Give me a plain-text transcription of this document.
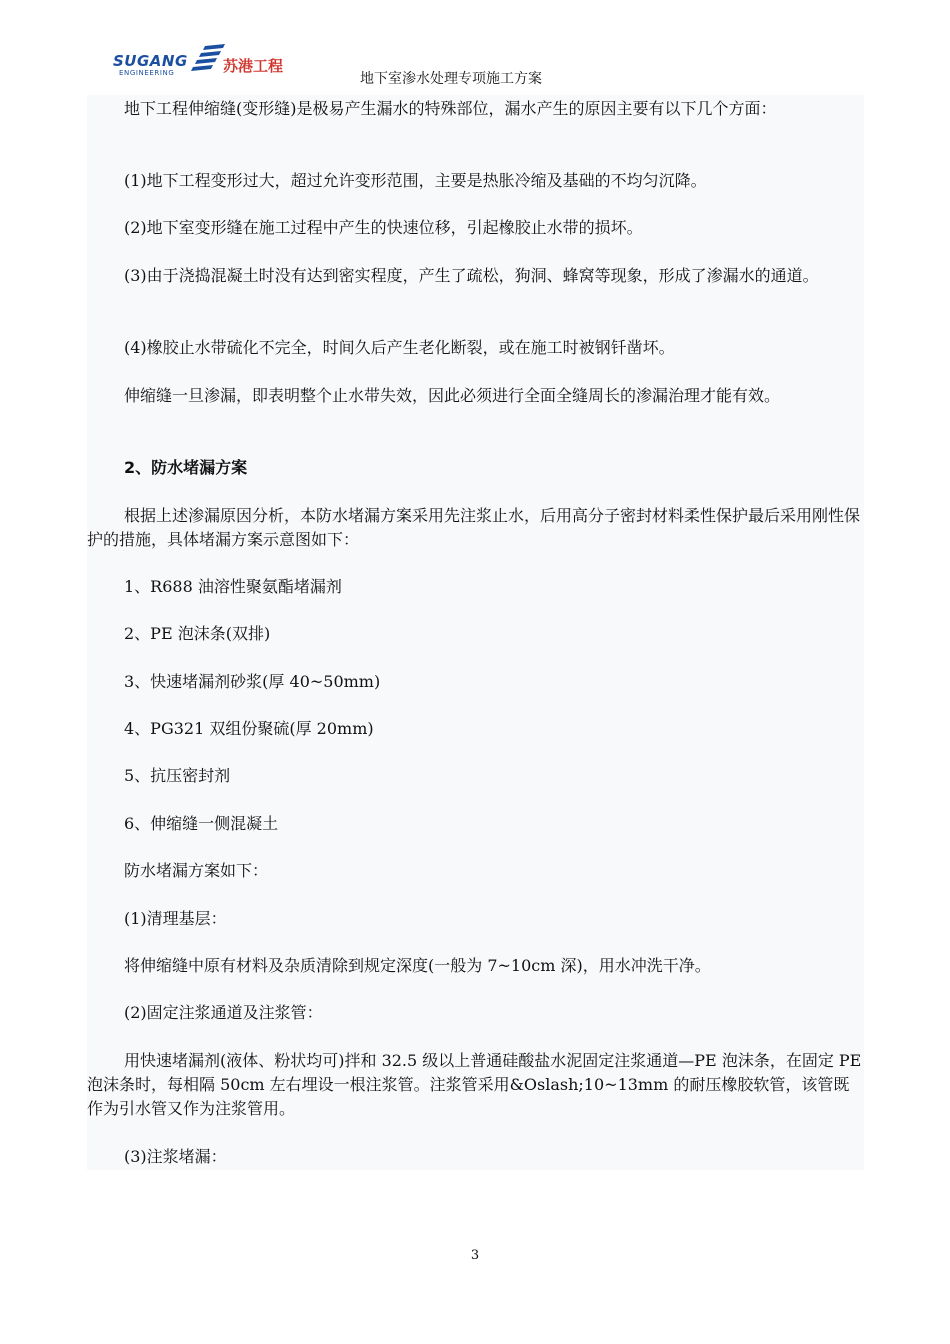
SUGANG
ENGINEERING	苏港工程
地下室渗水处理专项施工方案

地下工程伸缩缝(变形缝)是极易产生漏水的特殊部位，漏水产生的原因主要有以下几个方面：

(1)地下工程变形过大，超过允许变形范围，主要是热胀冷缩及基础的不均匀沉降。

(2)地下室变形缝在施工过程中产生的快速位移，引起橡胶止水带的损坏。

(3)由于浇捣混凝土时没有达到密实程度，产生了疏松，狗洞、蜂窝等现象，形成了渗漏水的通道。

(4)橡胶止水带硫化不完全，时间久后产生老化断裂，或在施工时被钢钎凿坏。

伸缩缝一旦渗漏，即表明整个止水带失效，因此必须进行全面全缝周长的渗漏治理才能有效。

2、防水堵漏方案

根据上述渗漏原因分析，本防水堵漏方案采用先注浆止水，后用高分子密封材料柔性保护最后采用刚性保护的措施，具体堵漏方案示意图如下：

1、R688 油溶性聚氨酯堵漏剂

2、PE 泡沫条(双排)

3、快速堵漏剂砂浆(厚 40~50mm)

4、PG321 双组份聚硫(厚 20mm)

5、抗压密封剂

6、伸缩缝一侧混凝土

防水堵漏方案如下：

(1)清理基层：

将伸缩缝中原有材料及杂质清除到规定深度(一般为 7~10cm 深)，用水冲洗干净。

(2)固定注浆通道及注浆管：

用快速堵漏剂(液体、粉状均可)拌和 32.5 级以上普通硅酸盐水泥固定注浆通道—PE 泡沫条，在固定 PE 泡沫条时，每相隔 50cm 左右埋设一根注浆管。注浆管采用&Oslash;10~13mm 的耐压橡胶软管，该管既作为引水管又作为注浆管用。

(3)注浆堵漏：

3
